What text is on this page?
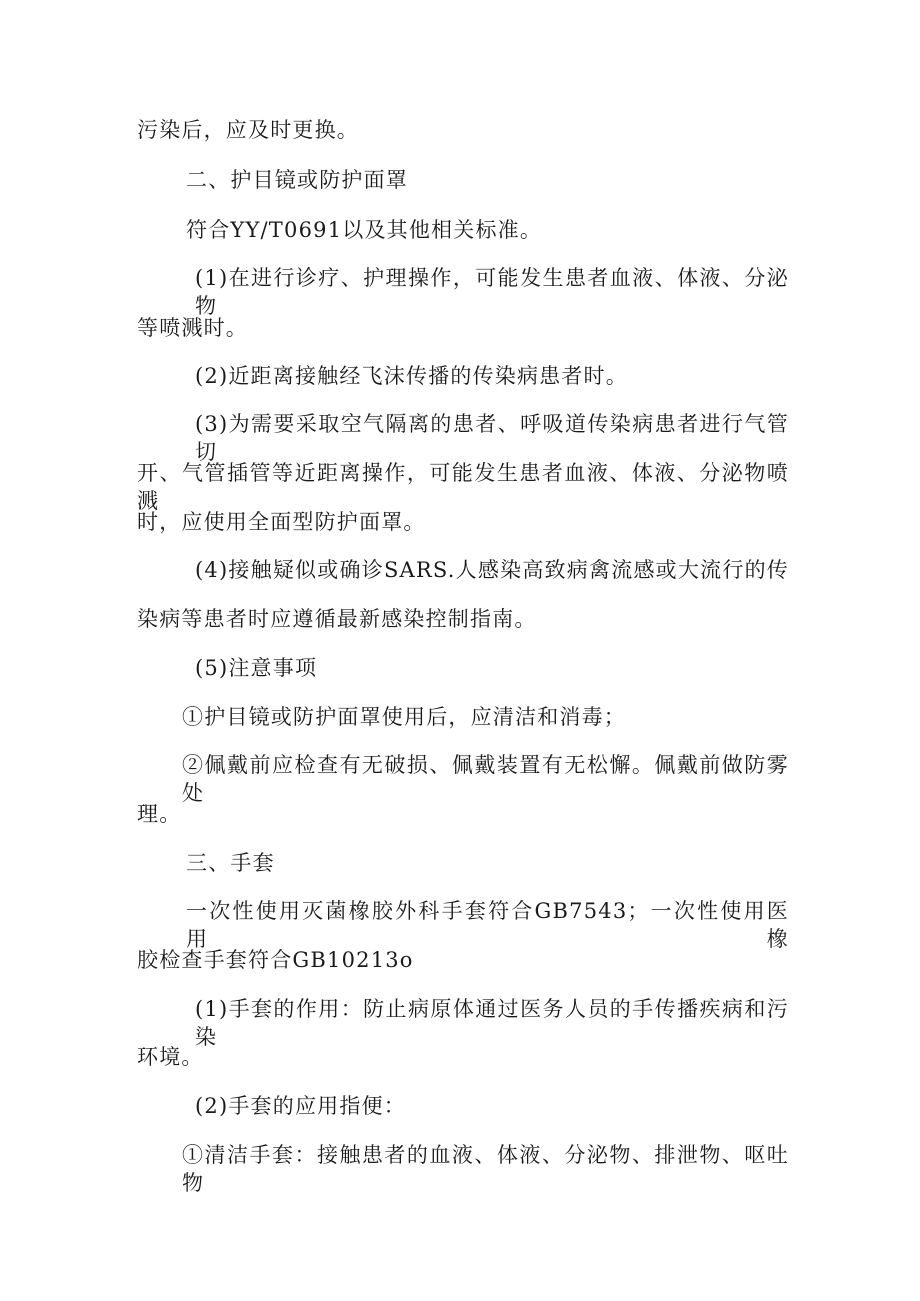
污染后，应及时更换。
二、护目镜或防护面罩
符合YY/T0691以及其他相关标准。
(1)在进行诊疗、护理操作，可能发生患者血液、体液、分泌物
等喷溅时。
(2)近距离接触经飞沫传播的传染病患者时。
(3)为需要采取空气隔离的患者、呼吸道传染病患者进行气管切
开、气管插管等近距离操作，可能发生患者血液、体液、分泌物喷溅
时，应使用全面型防护面罩。
(4)接触疑似或确诊SARS.人感染高致病禽流感或大流行的传
染病等患者时应遵循最新感染控制指南。
(5)注意事项
①护目镜或防护面罩使用后，应清洁和消毒；
②佩戴前应检查有无破损、佩戴装置有无松懈。佩戴前做防雾处
理。
三、手套
一次性使用灭菌橡胶外科手套符合GB7543；一次性使用医用橡
胶检查手套符合GB10213o
(1)手套的作用：防止病原体通过医务人员的手传播疾病和污染
环境。
(2)手套的应用指便：
①清洁手套：接触患者的血液、体液、分泌物、排泄物、呕吐物
